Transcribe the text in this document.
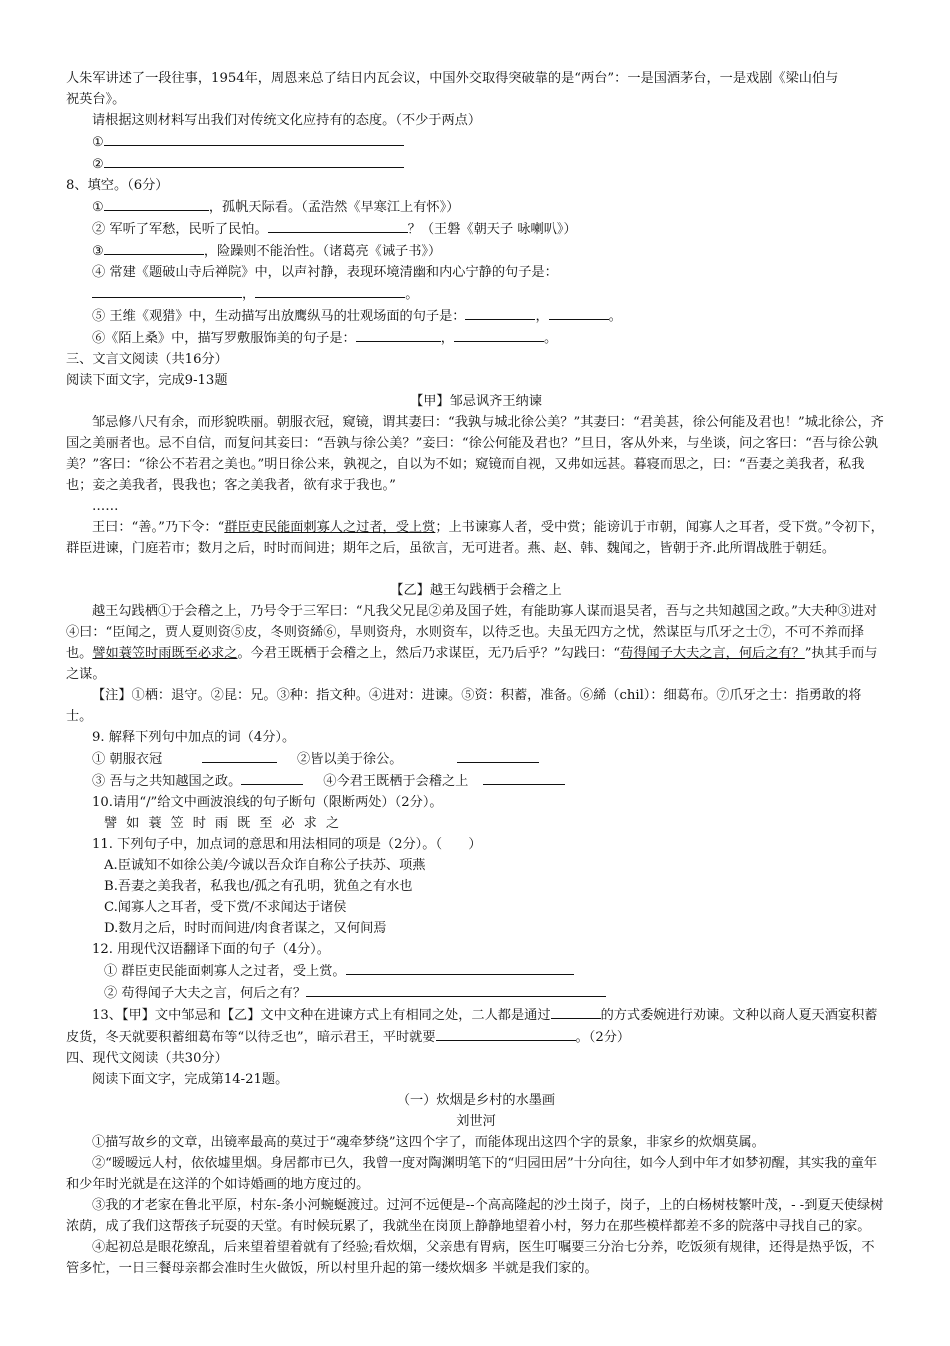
人朱军讲述了一段往事，1954年，周恩来总了结日内瓦会议，中国外交取得突破靠的是“两台”：一是国酒茅台，一是戏剧《梁山伯与

祝英台》。

请根据这则材料写出我们对传统文化应持有的态度。（不少于两点）

①

②

8、填空。（6分）

①	，孤帆天际看。（孟浩然《早寒江上有怀》）

② 军听了军愁，民听了民怕。	？（王磐《朝天子 咏喇叭》）

③	，险躁则不能治性。（诸葛亮《诫子书》）

④ 常建《题破山寺后禅院》中，以声衬静，表现环境清幽和内心宁静的句子是：

，	。

⑤ 王维《观猎》中，生动描写出放鹰纵马的壮观场面的句子是：	，	。

⑥《陌上桑》中，描写罗敷服饰美的句子是：	，	。

三、文言文阅读（共16分）

阅读下面文字，完成9-13题

【甲】邹忌讽齐王纳谏

邹忌修八尺有余，而形貌昳丽。朝服衣冠，窥镜，谓其妻曰：“我孰与城北徐公美？”其妻曰：“君美甚，徐公何能及君也！”城北徐公，齐国之美丽者也。忌不自信，而复问其妾曰：“吾孰与徐公美？”妾曰：“徐公何能及君也？”旦日，客从外来，与坐谈，问之客曰：“吾与徐公孰美？”客曰：“徐公不若君之美也。”明日徐公来，孰视之，自以为不如；窥镜而自视，又弗如远甚。暮寝而思之，曰：“吾妻之美我者，私我也；妾之美我者，畏我也；客之美我者，欲有求于我也。”

……

王曰：“善。”乃下令：“群臣吏民能面刺寡人之过者，受上赏；上书谏寡人者，受中赏；能谤讥于市朝，闻寡人之耳者，受下赏。”令初下，群臣进谏，门庭若市；数月之后，时时而间进；期年之后，虽欲言，无可进者。燕、赵、韩、魏闻之，皆朝于齐.此所谓战胜于朝廷。

【乙】越王勾践栖于会稽之上

越王勾践栖①于会稽之上，乃号令于三军曰：“凡我父兄昆②弟及国子姓，有能助寡人谋而退吴者，吾与之共知越国之政。”大夫种③进对④曰：“臣闻之，贾人夏则资⑤皮，冬则资絺⑥，旱则资舟，水则资车，以待乏也。夫虽无四方之忧，然谋臣与爪牙之士⑦，不可不养而择也。譬如蓑笠时雨既至必求之。今君王既栖于会稽之上，然后乃求谋臣，无乃后乎？”勾践曰：“苟得闻子大夫之言，何后之有？”执其手而与之谋。

【注】①栖：退守。②昆：兄。③种：指文种。④进对：进谏。⑤资：积蓄，准备。⑥絺（chil）：细葛布。⑦爪牙之士：指勇敢的将士。

9. 解释下列句中加点的词（4分）。

① 朝服衣冠	②皆以美于徐公。

③ 吾与之共知越国之政。	④今君王既栖于会稽之上

10.请用“/”给文中画波浪线的句子断句（限断两处）（2分）。

譬如蓑笠时雨既至必求之

11. 下列句子中，加点词的意思和用法相同的项是（2分）。（　　）

A.臣诚知不如徐公美/今诚以吾众诈自称公子扶苏、项燕

B.吾妻之美我者，私我也/孤之有孔明，犹鱼之有水也

C.闻寡人之耳者，受下赏/不求闻达于诸侯

D.数月之后，时时而间进/肉食者谋之，又何间焉

12. 用现代汉语翻译下面的句子（4分）。

① 群臣吏民能面刺寡人之过者，受上赏。

② 苟得闻子大夫之言，何后之有？

13、【甲】文中邹忌和【乙】文中文种在进谏方式上有相同之处，二人都是通过	的方式委婉进行劝谏。文种以商人夏天酒宴积蓄皮货，冬天就要积蓄细葛布等“以待乏也”，暗示君王，平时就要	。（2分）

四、现代文阅读（共30分）

阅读下面文字，完成第14-21题。

（一）炊烟是乡村的水墨画

刘世河

①描写故乡的文章，出镜率最高的莫过于“魂牵梦绕”这四个字了，而能体现出这四个字的景象，非家乡的炊烟莫属。

②“暧暧远人村，依依墟里烟。身居都市已久，我曾一度对陶渊明笔下的“归园田居”十分向往，如今人到中年才如梦初醒，其实我的童年和少年时光就是在这洋的个如诗婚画的地方度过的。

③我的才老家在鲁北平原，村东-条小河蜿蜒渡过。过河不远便是--个高高隆起的沙土岗子，岗子，上的白杨树枝繁叶茂，- -到夏天使绿树浓荫，成了我们这帮孩子玩耍的天堂。有时候玩累了，我就坐在岗顶上静静地望着小村，努力在那些模样都差不多的院落中寻找自己的家。

④起初总是眼花缭乱，后来望着望着就有了经验;看炊烟，父亲患有胃病，医生叮嘱要三分治七分养，吃饭须有规律，还得是热乎饭，不管多忙，一日三餐母亲都会准时生火做饭，所以村里升起的第一缕炊烟多 半就是我们家的。
